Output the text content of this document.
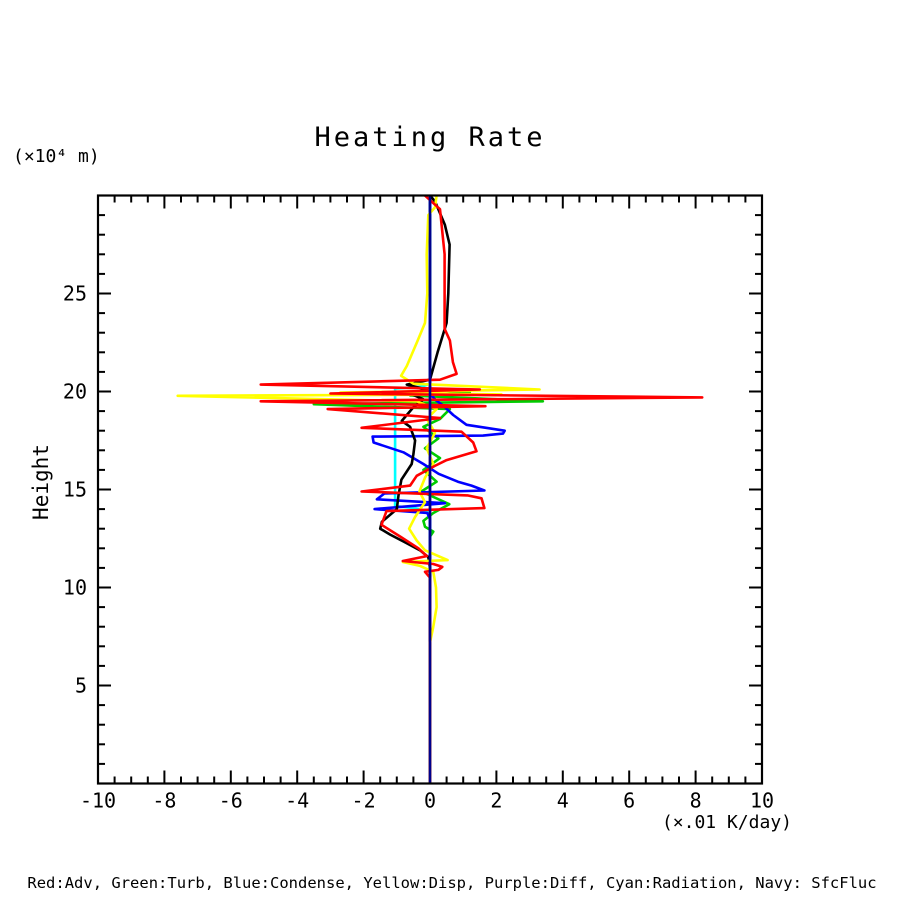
Heating Rate
(×10⁴ m)
Height
-10 -8 -6 -4 -2 0	2	4	6	8 10
5
10
15
20
25
(×.01 K/day)
Red:Adv, Green:Turb, Blue:Condense, Yellow:Disp, Purple:Diff, Cyan:Radiation, Navy: SfcFluc
